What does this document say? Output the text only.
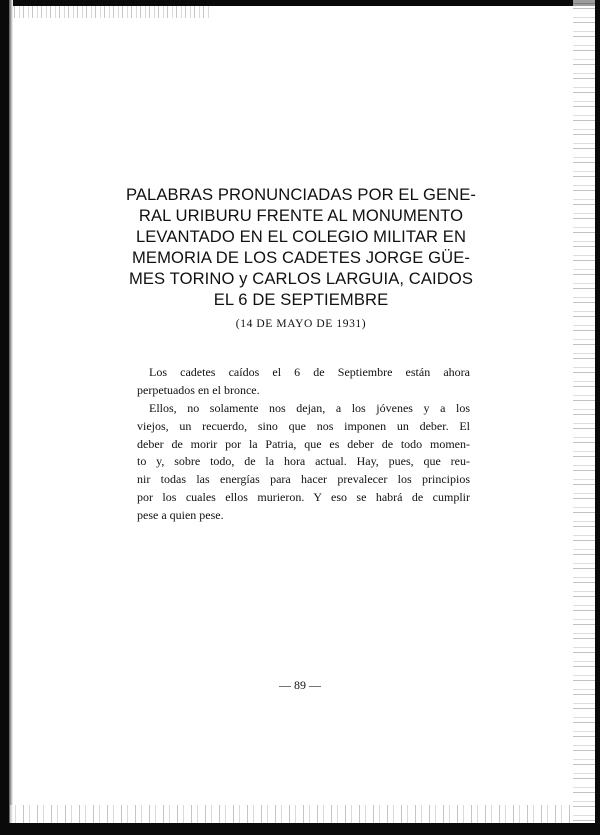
PALABRAS PRONUNCIADAS POR EL GENE-
RAL URIBURU FRENTE AL MONUMENTO
LEVANTADO EN EL COLEGIO MILITAR EN
MEMORIA DE LOS CADETES JORGE GÜE-
MES TORINO y CARLOS LARGUIA, CAIDOS
EL 6 DE SEPTIEMBRE
(14 DE MAYO DE 1931)

Los cadetes caídos el 6 de Septiembre están ahora
perpetuados en el bronce.

Ellos, no solamente nos dejan, a los jóvenes y a los
viejos, un recuerdo, sino que nos imponen un deber. El
deber de morir por la Patria, que es deber de todo momen-
to y, sobre todo, de la hora actual. Hay, pues, que reu-
nir todas las energías para hacer prevalecer los principios
por los cuales ellos murieron. Y eso se habrá de cumplir
pese a quien pese.

— 89 —
